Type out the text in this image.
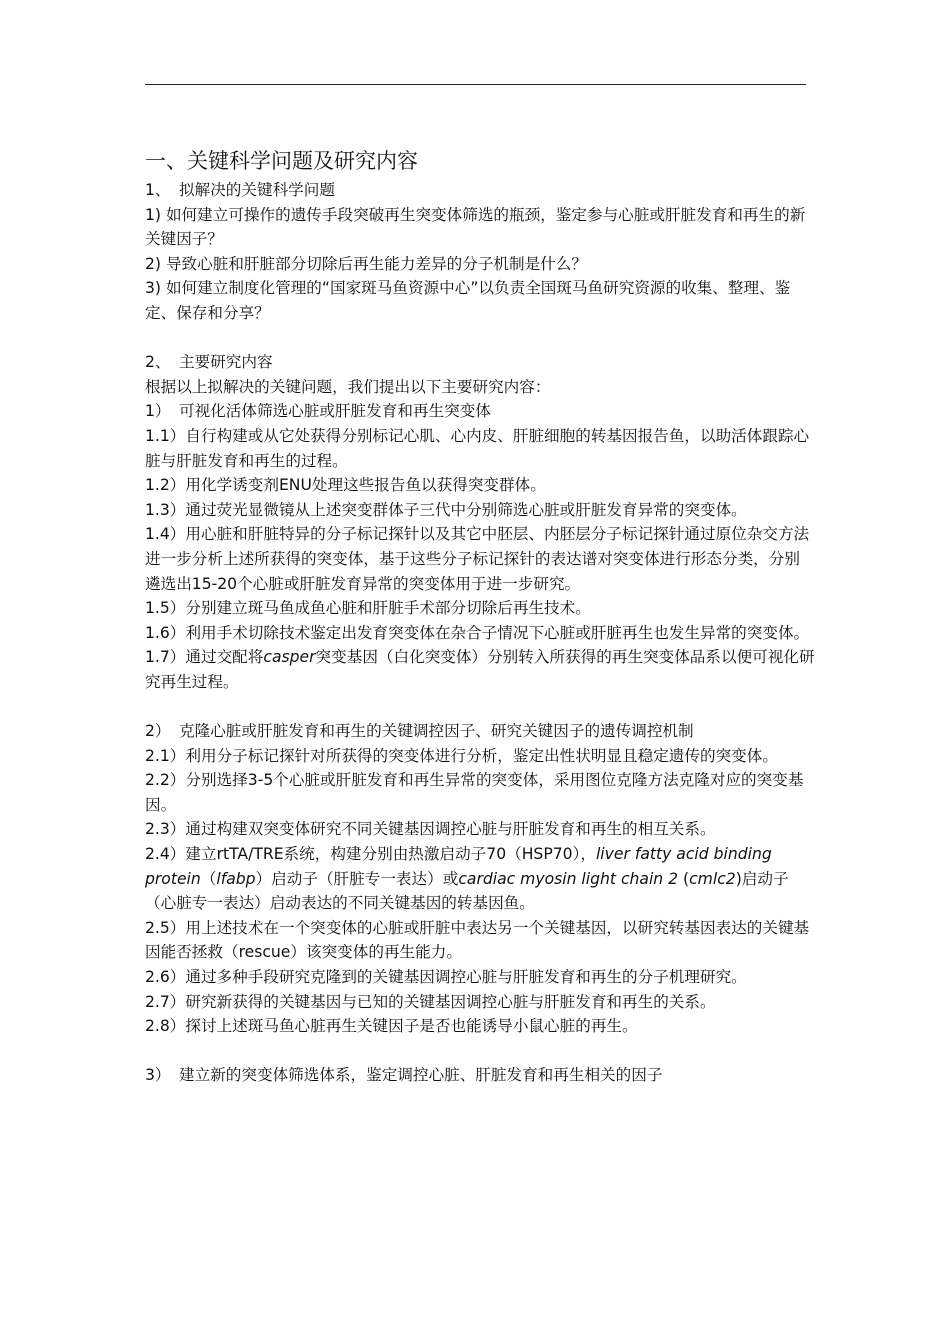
一、关键科学问题及研究内容

1、 拟解决的关键科学问题

1) 如何建立可操作的遗传手段突破再生突变体筛选的瓶颈，鉴定参与心脏或肝脏发育和再生的新关键因子？

2) 导致心脏和肝脏部分切除后再生能力差异的分子机制是什么？

3) 如何建立制度化管理的“国家斑马鱼资源中心”以负责全国斑马鱼研究资源的收集、整理、鉴定、保存和分享？

2、 主要研究内容

根据以上拟解决的关键问题，我们提出以下主要研究内容：

1） 可视化活体筛选心脏或肝脏发育和再生突变体

1.1）自行构建或从它处获得分别标记心肌、心内皮、肝脏细胞的转基因报告鱼，以助活体跟踪心脏与肝脏发育和再生的过程。

1.2）用化学诱变剂ENU处理这些报告鱼以获得突变群体。

1.3）通过荧光显微镜从上述突变群体子三代中分别筛选心脏或肝脏发育异常的突变体。

1.4）用心脏和肝脏特异的分子标记探针以及其它中胚层、内胚层分子标记探针通过原位杂交方法进一步分析上述所获得的突变体，基于这些分子标记探针的表达谱对突变体进行形态分类，分别遴选出15-20个心脏或肝脏发育异常的突变体用于进一步研究。

1.5）分别建立斑马鱼成鱼心脏和肝脏手术部分切除后再生技术。

1.6）利用手术切除技术鉴定出发育突变体在杂合子情况下心脏或肝脏再生也发生异常的突变体。

1.7）通过交配将casper突变基因（白化突变体）分别转入所获得的再生突变体品系以便可视化研究再生过程。

2） 克隆心脏或肝脏发育和再生的关键调控因子、研究关键因子的遗传调控机制

2.1）利用分子标记探针对所获得的突变体进行分析，鉴定出性状明显且稳定遗传的突变体。

2.2）分别选择3-5个心脏或肝脏发育和再生异常的突变体，采用图位克隆方法克隆对应的突变基因。

2.3）通过构建双突变体研究不同关键基因调控心脏与肝脏发育和再生的相互关系。

2.4）建立rtTA/TRE系统，构建分别由热激启动子70（HSP70），liver fatty acid binding protein（lfabp）启动子（肝脏专一表达）或cardiac myosin light chain 2 (cmlc2)启动子（心脏专一表达）启动表达的不同关键基因的转基因鱼。

2.5）用上述技术在一个突变体的心脏或肝脏中表达另一个关键基因，以研究转基因表达的关键基因能否拯救（rescue）该突变体的再生能力。

2.6）通过多种手段研究克隆到的关键基因调控心脏与肝脏发育和再生的分子机理研究。

2.7）研究新获得的关键基因与已知的关键基因调控心脏与肝脏发育和再生的关系。

2.8）探讨上述斑马鱼心脏再生关键因子是否也能诱导小鼠心脏的再生。

3） 建立新的突变体筛选体系，鉴定调控心脏、肝脏发育和再生相关的因子
